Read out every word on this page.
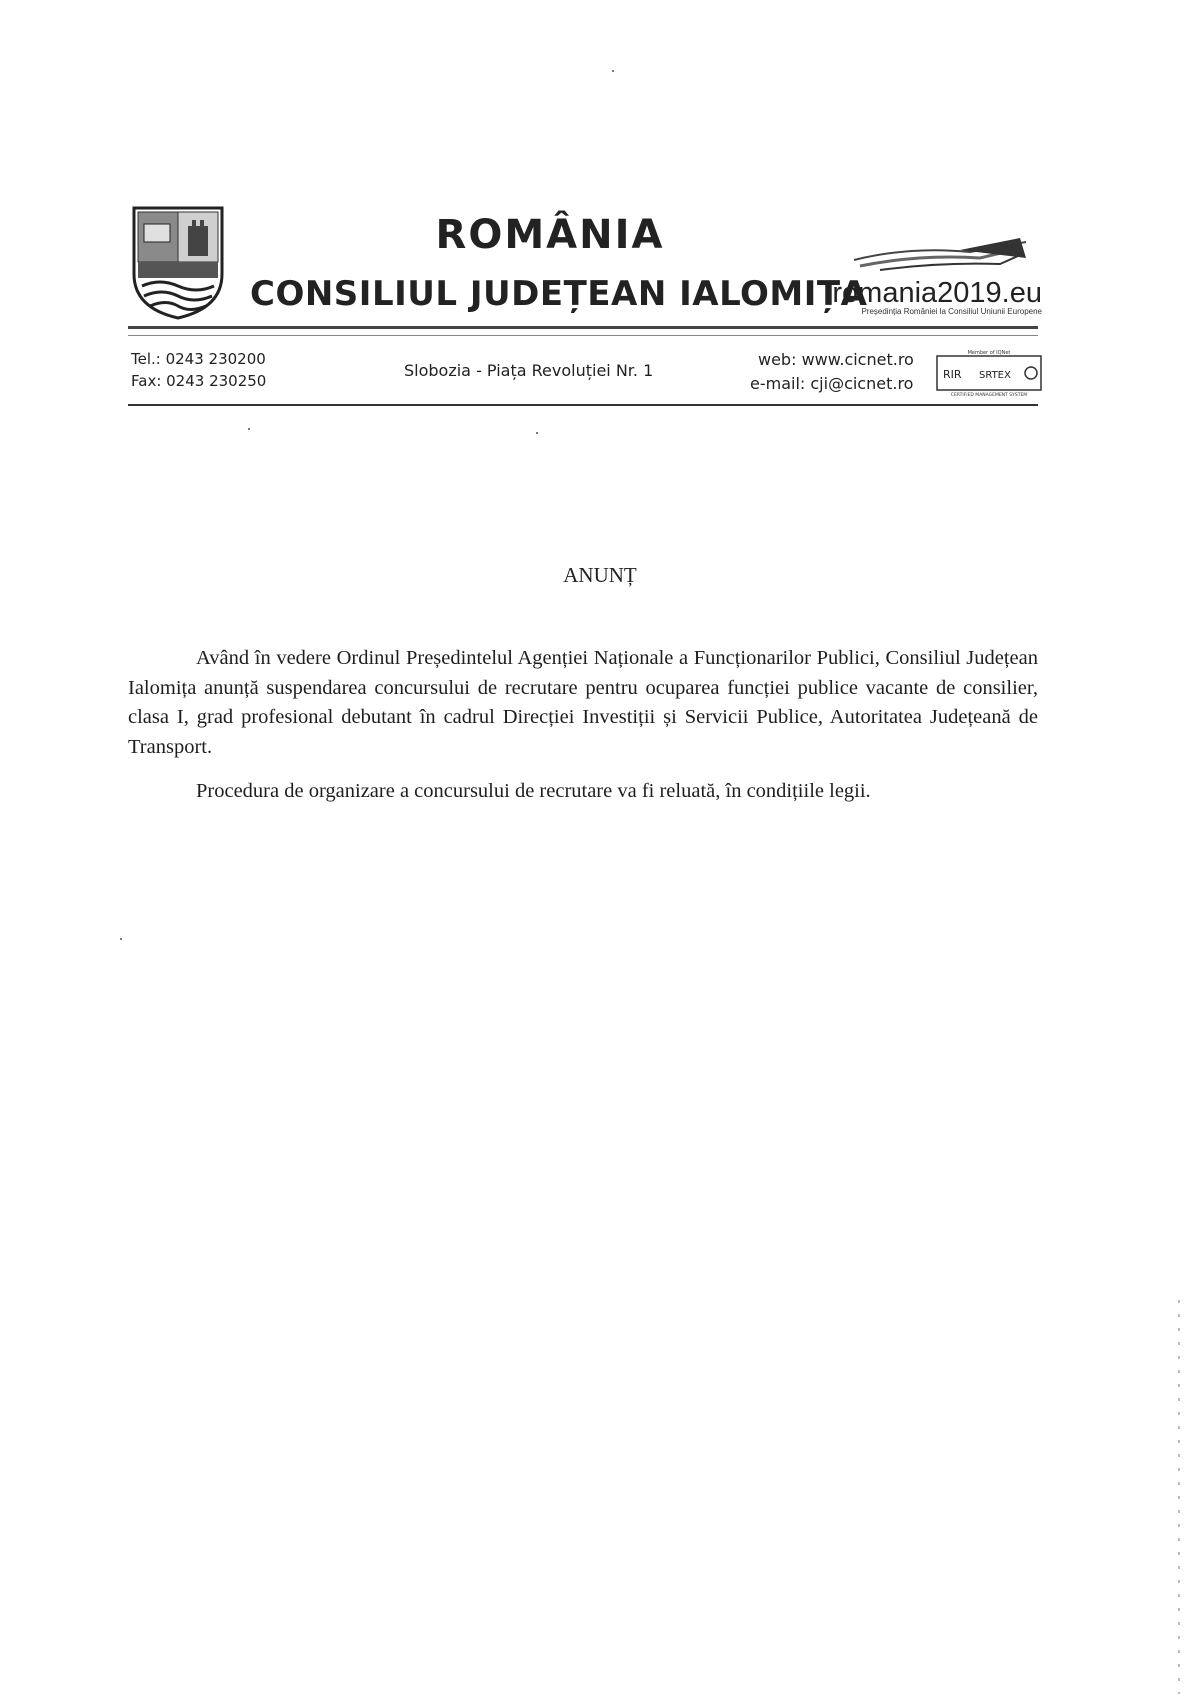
ROMÂNIA
CONSILIUL JUDEȚEAN IALOMIȚA
romania2019.eu
Președinția României la Consiliul Uniunii Europene
Tel.: 0243 230200
Fax: 0243 230250
Slobozia - Piața Revoluției Nr. 1
web: www.cicnet.ro
e-mail: cji@cicnet.ro
Member of IQNet
RIR SRTEX
CERTIFIED MANAGEMENT SYSTEM
ANUNȚ

Având în vedere Ordinul Președintelul Agenției Naționale a Funcționarilor Publici, Consiliul Județean Ialomița anunță suspendarea concursului de recrutare pentru ocuparea funcției publice vacante de consilier, clasa I, grad profesional debutant în cadrul Direcției Investiții și Servicii Publice, Autoritatea Județeană de Transport.

Procedura de organizare a concursului de recrutare va fi reluată, în condițiile legii.
